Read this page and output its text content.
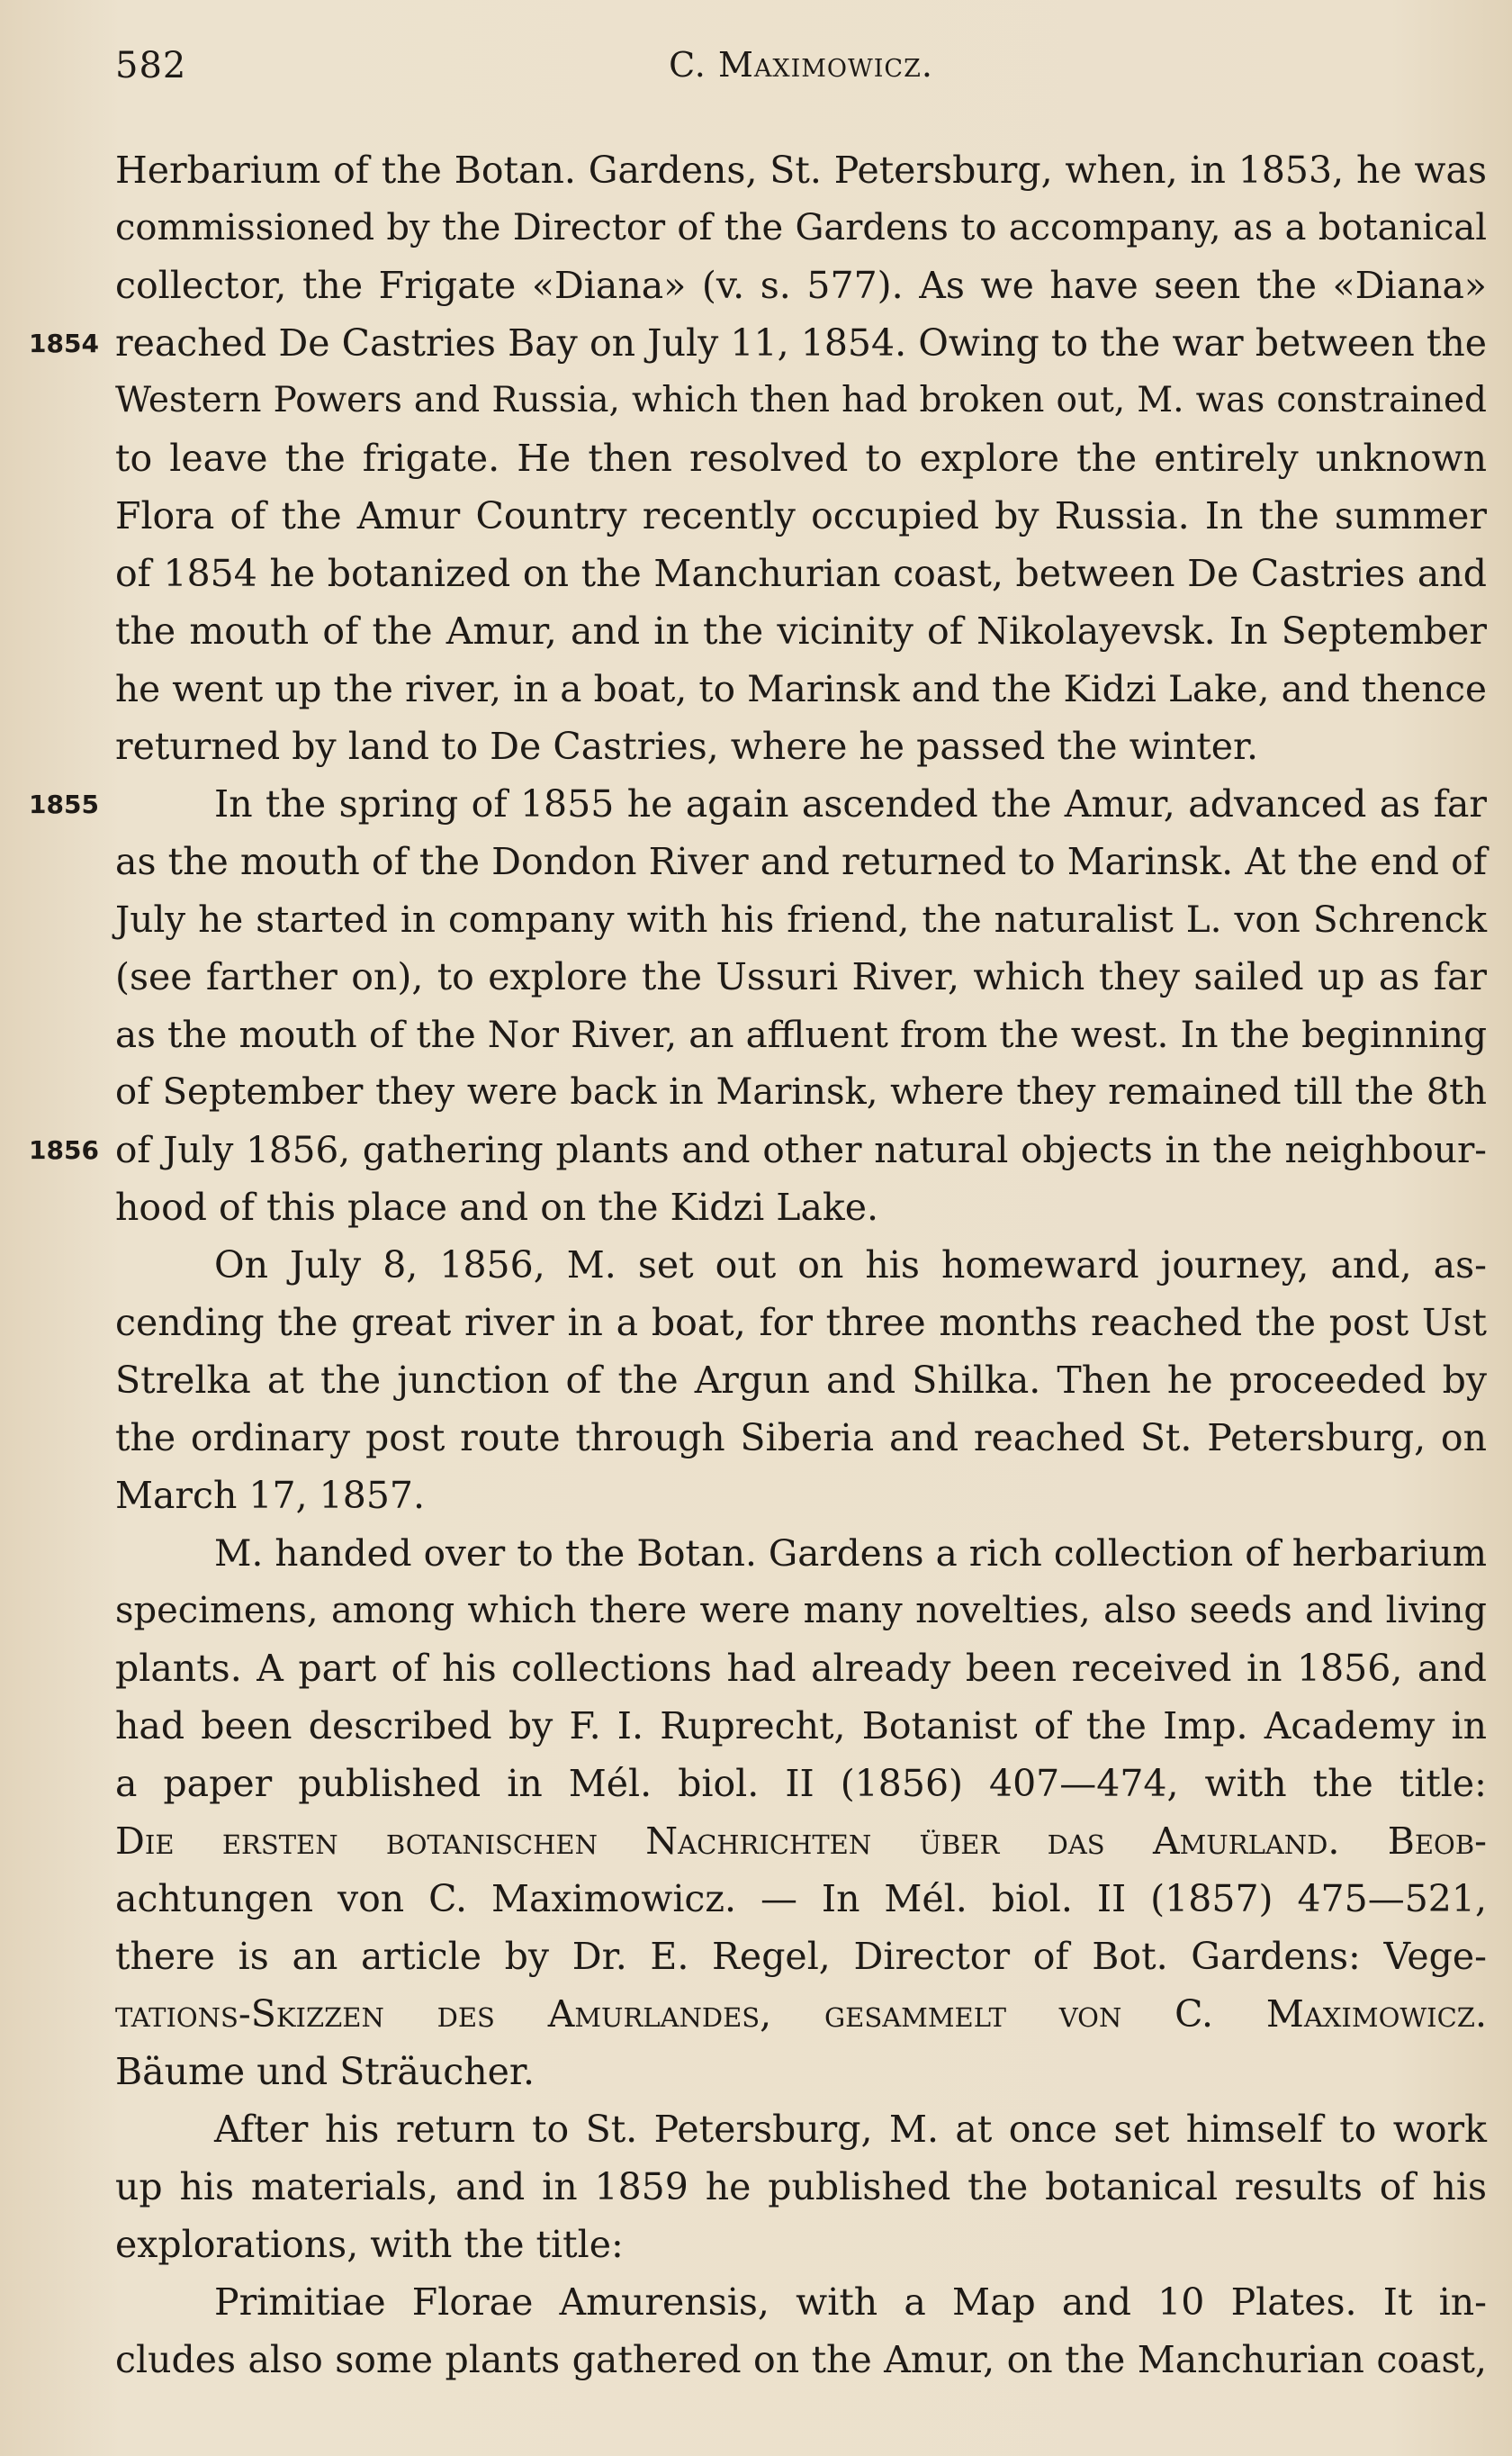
582	C. Maximowicz.
1854
1855
1856
Herbarium of the Botan. Gardens, St. Petersburg, when, in 1853, he was
commissioned by the Director of the Gardens to accompany, as a botanical
collector, the Frigate «Diana» (v. s. 577). As we have seen the «Diana»
reached De Castries Bay on July 11, 1854. Owing to the war between the
Western Powers and Russia, which then had broken out, M. was constrained
to leave the frigate. He then resolved to explore the entirely unknown
Flora of the Amur Country recently occupied by Russia. In the summer
of 1854 he botanized on the Manchurian coast, between De Castries and
the mouth of the Amur, and in the vicinity of Nikolayevsk. In September
he went up the river, in a boat, to Marinsk and the Kidzi Lake, and thence
returned by land to De Castries, where he passed the winter.
In the spring of 1855 he again ascended the Amur, advanced as far
as the mouth of the Dondon River and returned to Marinsk. At the end of
July he started in company with his friend, the naturalist L. von Schrenck
(see farther on), to explore the Ussuri River, which they sailed up as far
as the mouth of the Nor River, an affluent from the west. In the beginning
of September they were back in Marinsk, where they remained till the 8th
of July 1856, gathering plants and other natural objects in the neighbour-
hood of this place and on the Kidzi Lake.
On July 8, 1856, M. set out on his homeward journey, and, as-
cending the great river in a boat, for three months reached the post Ust
Strelka at the junction of the Argun and Shilka. Then he proceeded by
the ordinary post route through Siberia and reached St. Petersburg, on
March 17, 1857.
M. handed over to the Botan. Gardens a rich collection of herbarium
specimens, among which there were many novelties, also seeds and living
plants. A part of his collections had already been received in 1856, and
had been described by F. I. Ruprecht, Botanist of the Imp. Academy in
a paper published in Mél. biol. II (1856) 407—474, with the title:
Die ersten botanischen Nachrichten über das Amurland. Beob-
achtungen von C. Maximowicz. — In Mél. biol. II (1857) 475—521,
there is an article by Dr. E. Regel, Director of Bot. Gardens: Vege-
tations-Skizzen des Amurlandes, gesammelt von C. Maximowicz.
Bäume und Sträucher.
After his return to St. Petersburg, M. at once set himself to work
up his materials, and in 1859 he published the botanical results of his
explorations, with the title:
Primitiae Florae Amurensis, with a Map and 10 Plates. It in-
cludes also some plants gathered on the Amur, on the Manchurian coast,
